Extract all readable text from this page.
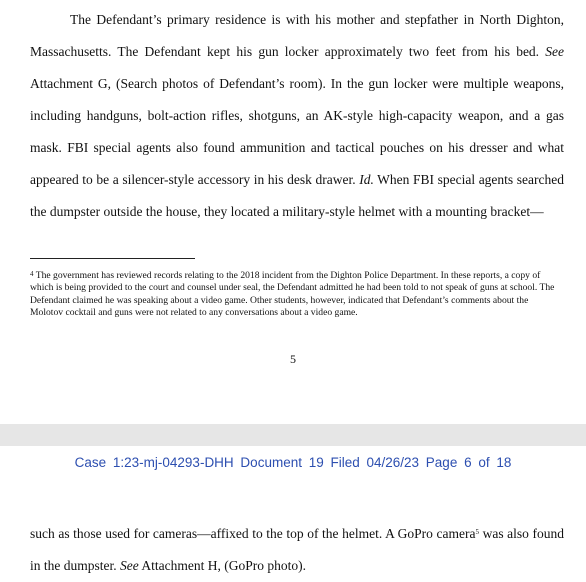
The Defendant’s primary residence is with his mother and stepfather in North Dighton, Massachusetts. The Defendant kept his gun locker approximately two feet from his bed. See Attachment G, (Search photos of Defendant’s room). In the gun locker were multiple weapons, including handguns, bolt-action rifles, shotguns, an AK-style high-capacity weapon, and a gas mask. FBI special agents also found ammunition and tactical pouches on his dresser and what appeared to be a silencer-style accessory in his desk drawer. Id. When FBI special agents searched the dumpster outside the house, they located a military-style helmet with a mounting bracket—

$^4$ The government has reviewed records relating to the 2018 incident from the Dighton Police Department. In these reports, a copy of which is being provided to the court and counsel under seal, the Defendant admitted he had been told to not speak of guns at school. The Defendant claimed he was speaking about a video game. Other students, however, indicated that Defendant’s comments about the Molotov cocktail and guns were not related to any conversations about a video game.

5
Case 1:23-mj-04293-DHH Document 19 Filed 04/26/23 Page 6 of 18

such as those used for cameras—affixed to the top of the helmet. A GoPro camera$^5$ was also found in the dumpster. See Attachment H, (GoPro photo).
